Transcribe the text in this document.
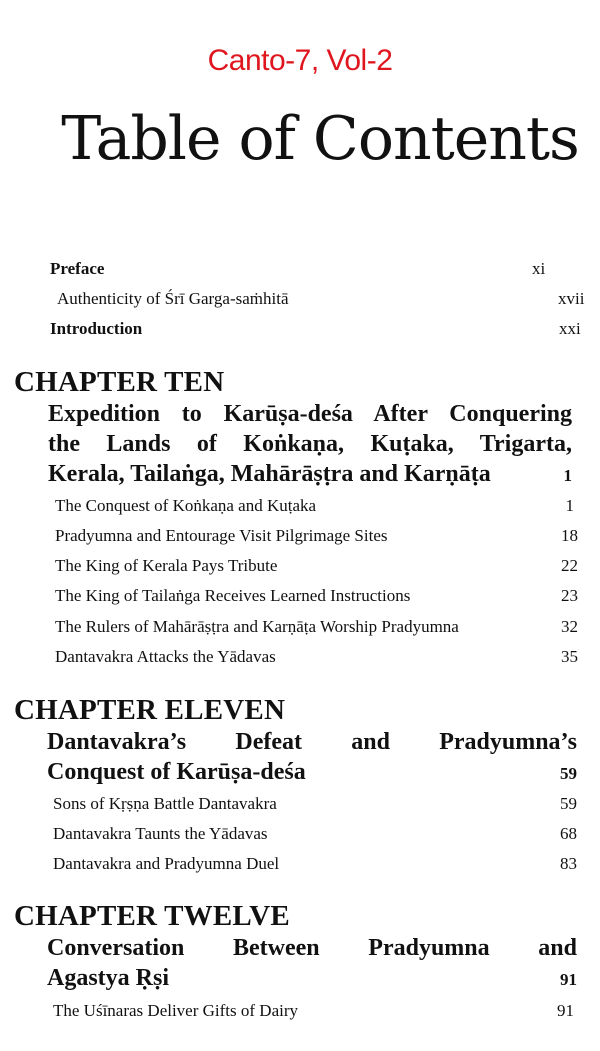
Canto-7, Vol-2
Table of Contents
Preface	xi
Authenticity of Śrī Garga-saṁhitā	xvii
Introduction	xxi
CHAPTER TEN
Expedition to Karūṣa-deśa After Conquering
the Lands of Koṅkaṇa, Kuṭaka, Trigarta,
Kerala, Tailaṅga, Mahārāṣṭra and Karṇāṭa	1
The Conquest of Koṅkaṇa and Kuṭaka	1
Pradyumna and Entourage Visit Pilgrimage Sites	18
The King of Kerala Pays Tribute	22
The King of Tailaṅga Receives Learned Instructions	23
The Rulers of Mahārāṣṭra and Karṇāṭa Worship Pradyumna	32
Dantavakra Attacks the Yādavas	35
CHAPTER ELEVEN
Dantavakra’s Defeat and Pradyumna’s
Conquest of Karūṣa-deśa	59
Sons of Kṛṣṇa Battle Dantavakra	59
Dantavakra Taunts the Yādavas	68
Dantavakra and Pradyumna Duel	83
CHAPTER TWELVE
Conversation Between Pradyumna and
Agastya Ṛṣi	91
The Uśīnaras Deliver Gifts of Dairy	91
